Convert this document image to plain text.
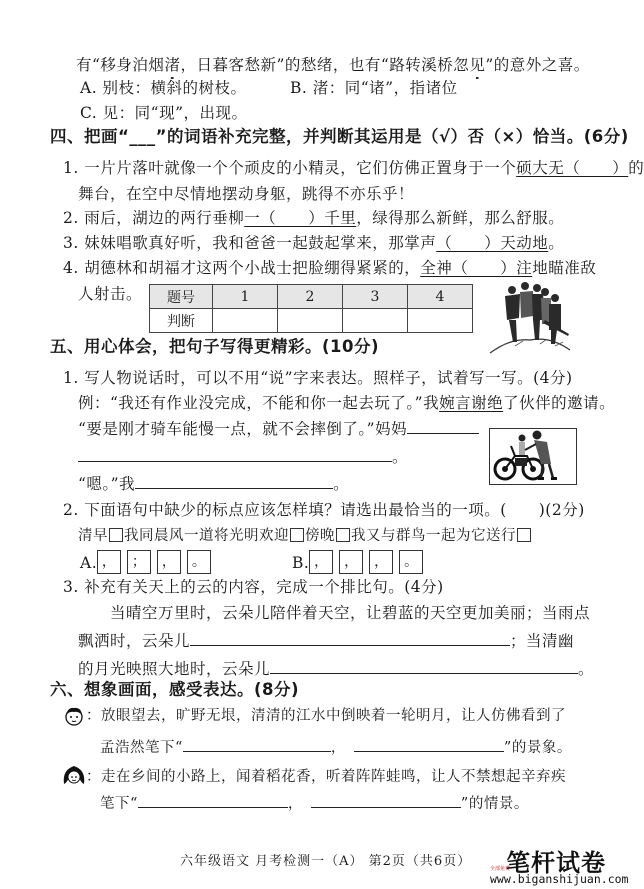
有“移身泊烟渚，日暮客愁新”的愁绪，也有“路转溪桥忽见”的意外之喜。
A. 别枝：横斜的树枝。	B. 渚：同“诸”，指诸位
C. 见：同“现”，出现。
四、把画“___”的词语补充完整，并判断其运用是（√）否（×）恰当。(6分)
1. 一片片落叶就像一个个顽皮的小精灵，它们仿佛正置身于一个硕大无（　　）的
舞台，在空中尽情地摆动身躯，跳得不亦乐乎！
2. 雨后，湖边的两行垂柳一（　　）千里，绿得那么新鲜，那么舒服。
3. 妹妹唱歌真好听，我和爸爸一起鼓起掌来，那掌声（　　）天动地。
4. 胡德林和胡福才这两个小战士把脸绷得紧紧的，全神（　　）注地瞄准敌
人射击。 题号	1	2	3	4
判断				
五、用心体会，把句子写得更精彩。(10分)
1. 写人物说话时，可以不用“说”字来表达。照样子，试着写一写。(4分)
例：“我还有作业没完成，不能和你一起去玩了。”我婉言谢绝了伙伴的邀请。
“要是刚才骑车能慢一点，就不会摔倒了。”妈妈
。
“嗯。”我	。
2. 下面语句中缺少的标点应该怎样填？请选出最恰当的一项。(　　)(2分)
清早 我同晨风一道将光明欢迎 傍晚 我又与群鸟一起为它送行
A. ， ； ， 。	B. ， ， ， 。
3. 补充有关天上的云的内容，完成一个排比句。(4分)
当晴空万里时，云朵儿陪伴着天空，让碧蓝的天空更加美丽；当雨点
飘洒时，云朵儿	；当清幽
的月光映照大地时，云朵儿	。
六、想象画面，感受表达。(8分)
：放眼望去，旷野无垠，清清的江水中倒映着一轮明月，让人仿佛看到了
孟浩然笔下“	，	”的景象。
：走在乡间的小路上，闻着稻花香，听着阵阵蛙鸣，让人不禁想起辛弃疾
笔下“	，	”的情景。
六年级语文 月考检测一（A） 第2页（共6页）	全部免费
笔杆试卷
www.biganshijuan.com
